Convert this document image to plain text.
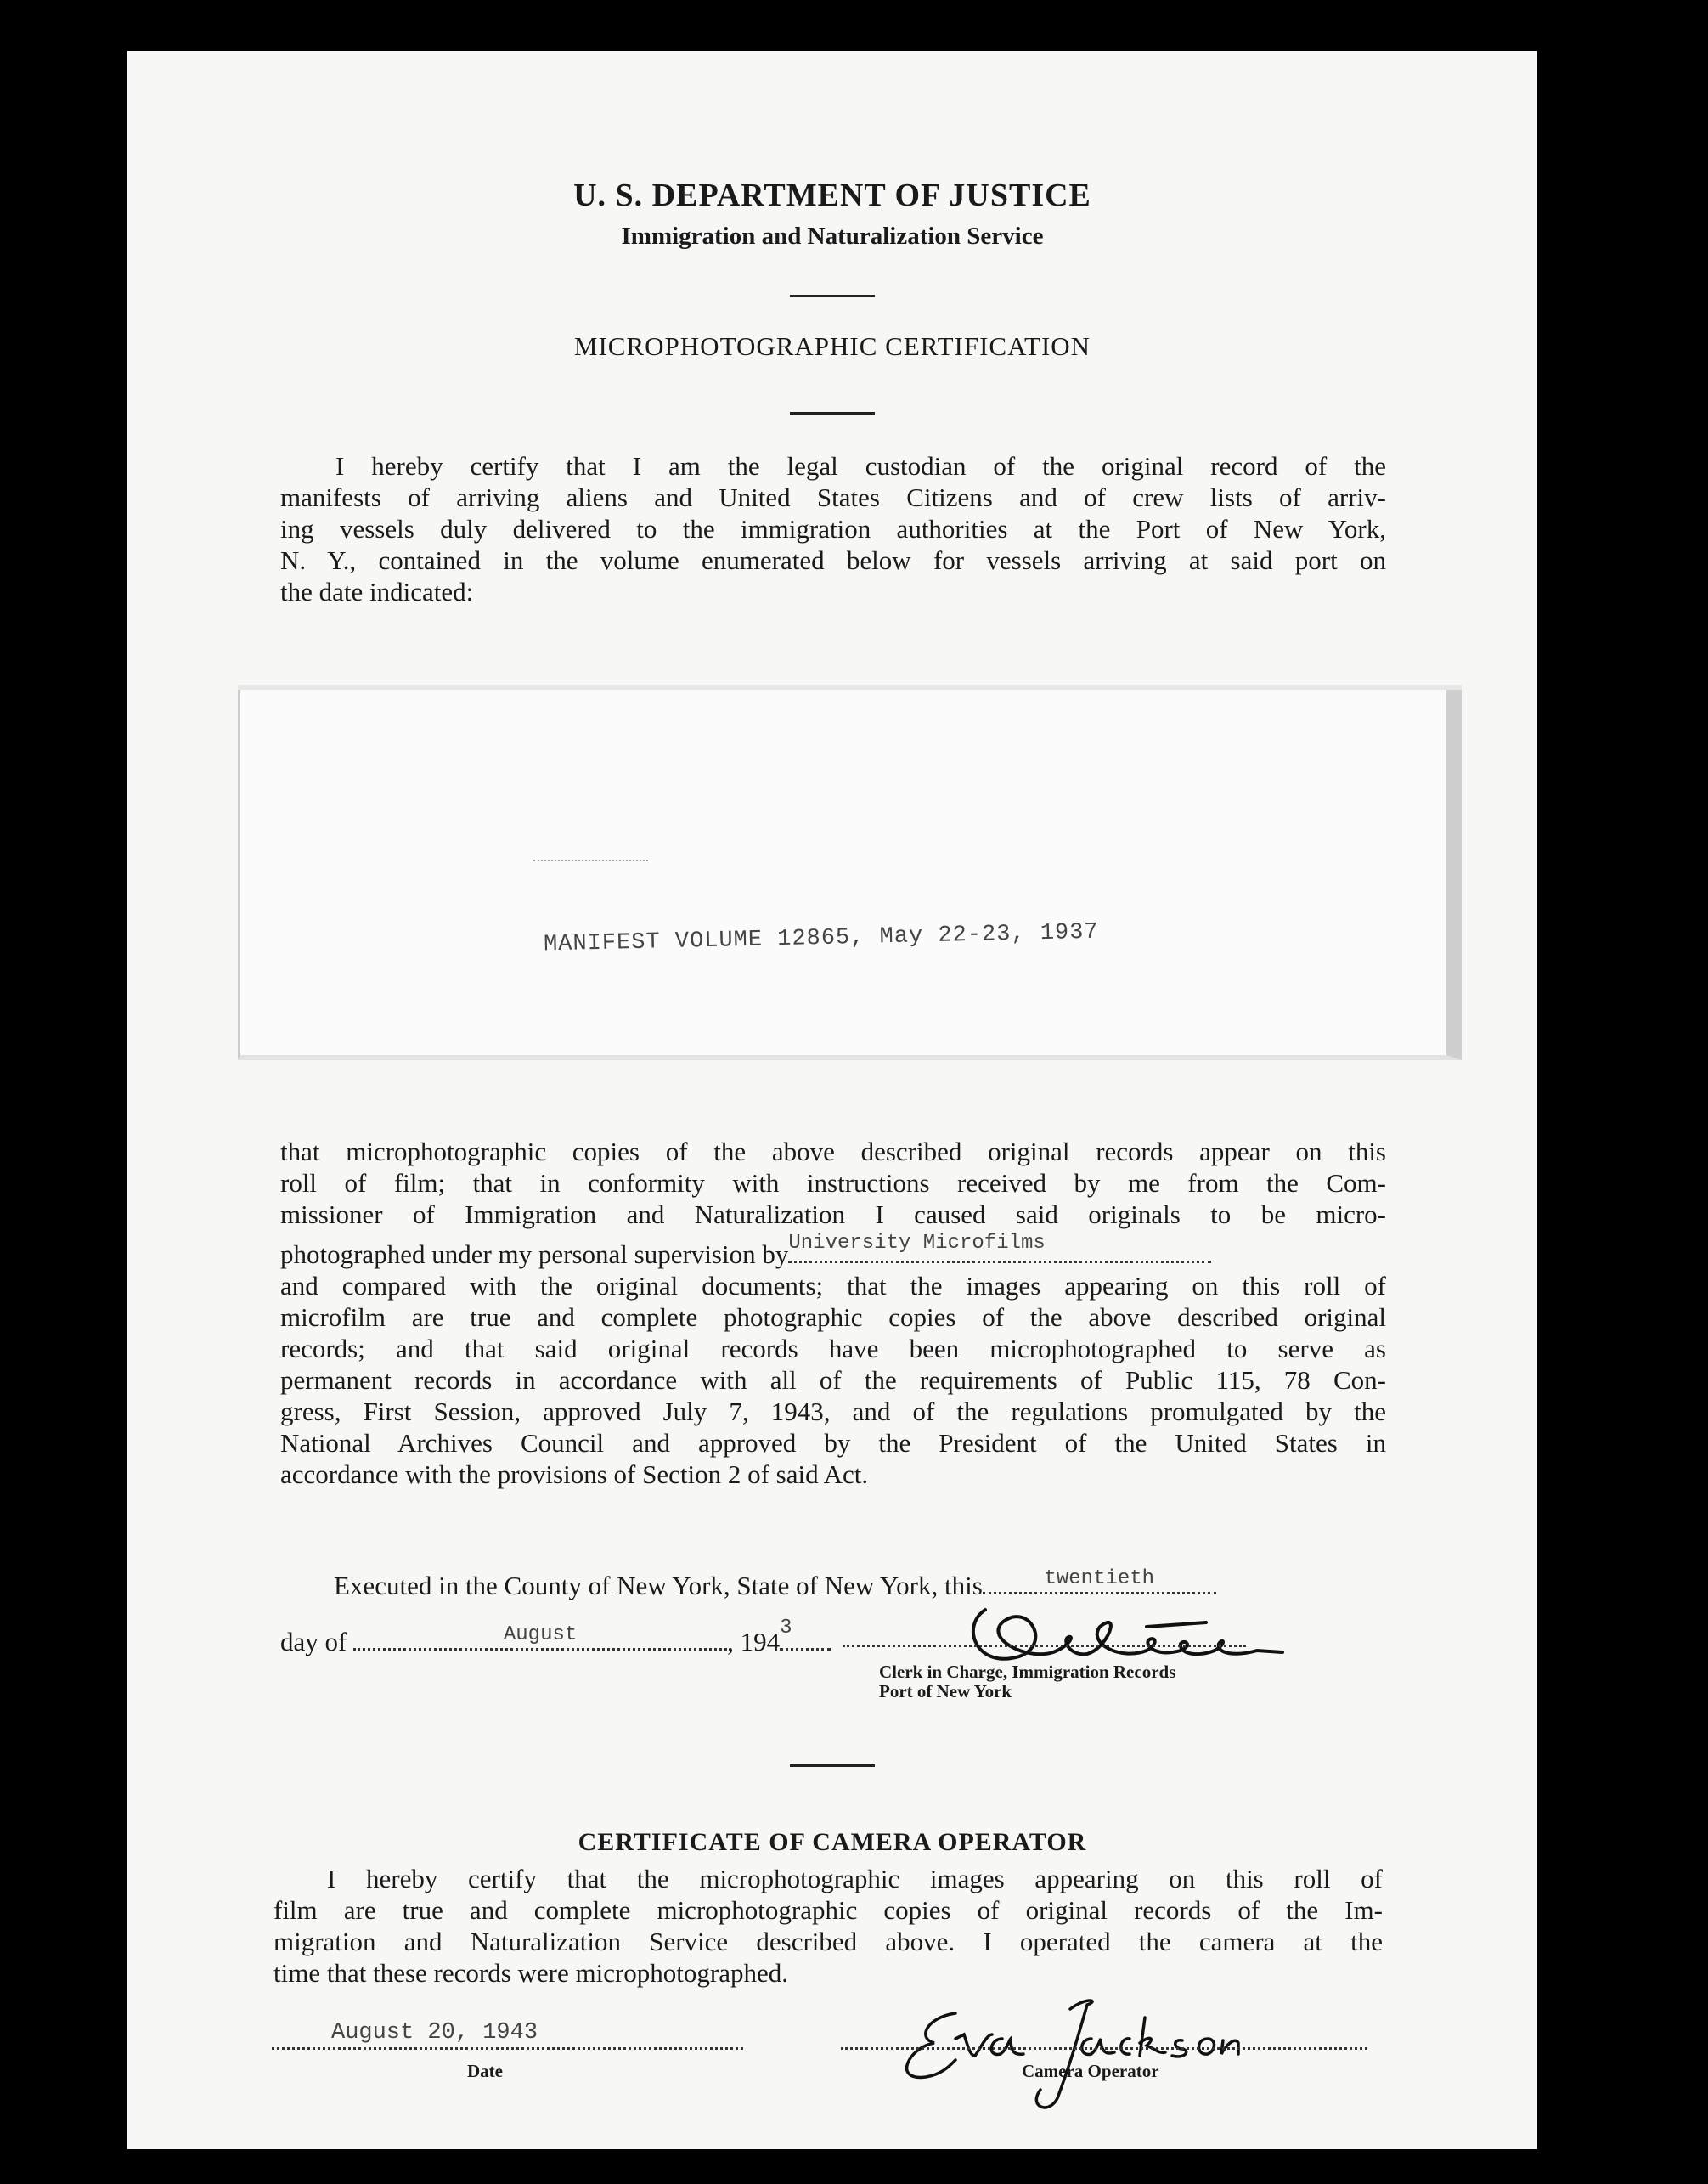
U. S. DEPARTMENT OF JUSTICE
Immigration and Naturalization Service
MICROPHOTOGRAPHIC CERTIFICATION
I hereby certify that I am the legal custodian of the original record of the
manifests of arriving aliens and United States Citizens and of crew lists of arriv-
ing vessels duly delivered to the immigration authorities at the Port of New York,
N. Y., contained in the volume enumerated below for vessels arriving at said port on
the date indicated:
MANIFEST VOLUME 12865, May 22-23, 1937
that microphotographic copies of the above described original records appear on this
roll of film; that in conformity with instructions received by me from the Com-
missioner of Immigration and Naturalization I caused said originals to be micro-
photographed under my personal supervision by University Microfilms
and compared with the original documents; that the images appearing on this roll of
microfilm are true and complete photographic copies of the above described original
records; and that said original records have been microphotographed to serve as
permanent records in accordance with all of the requirements of Public 115, 78 Con-
gress, First Session, approved July 7, 1943, and of the regulations promulgated by the
National Archives Council and approved by the President of the United States in
accordance with the provisions of Section 2 of said Act.
Executed in the County of New York, State of New York, this	twentieth
day of	August	, 194 3
Clerk in Charge, Immigration Records
Port of New York
CERTIFICATE OF CAMERA OPERATOR
I hereby certify that the microphotographic images appearing on this roll of
film are true and complete microphotographic copies of original records of the Im-
migration and Naturalization Service described above. I operated the camera at the
time that these records were microphotographed.
August 20, 1943
Date	Camera Operator
